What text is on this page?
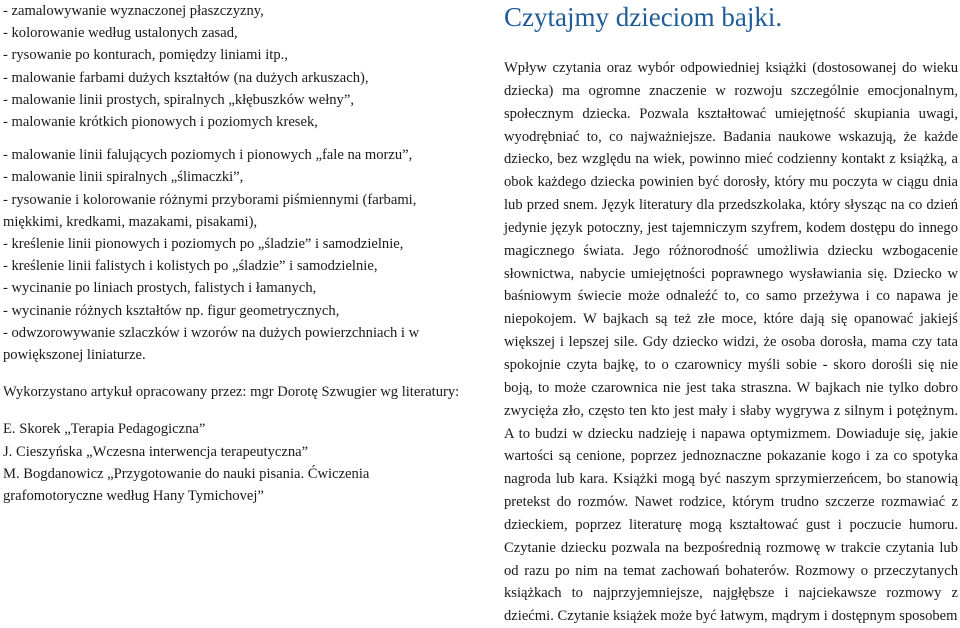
- zamalowywanie wyznaczonej płaszczyzny,

- kolorowanie według ustalonych zasad,

- rysowanie po konturach, pomiędzy liniami itp.,

- malowanie farbami dużych kształtów (na dużych arkuszach),

- malowanie linii prostych, spiralnych „kłębuszków wełny”,

- malowanie krótkich pionowych i poziomych kresek,

- malowanie linii falujących poziomych i pionowych „fale na morzu”,

- malowanie linii spiralnych „ślimaczki”,

- rysowanie i kolorowanie różnymi przyborami piśmiennymi (farbami, miękkimi, kredkami, mazakami, pisakami),

- kreślenie linii pionowych i poziomych po „śladzie” i samodzielnie,

- kreślenie linii falistych i kolistych po „śladzie” i samodzielnie,

- wycinanie po liniach prostych, falistych i łamanych,

- wycinanie różnych kształtów np. figur geometrycznych,

- odwzorowywanie szlaczków i wzorów na dużych powierzchniach i w powiększonej liniaturze.

Wykorzystano artykuł opracowany przez: mgr Dorotę Szwugier wg literatury:

E. Skorek „Terapia Pedagogiczna”

J. Cieszyńska „Wczesna interwencja terapeutyczna”

M. Bogdanowicz „Przygotowanie do nauki pisania. Ćwiczenia grafomotoryczne według Hany Tymichovej”

Czytajmy dzieciom bajki.

Wpływ czytania oraz wybór odpowiedniej książki (dostosowanej do wieku dziecka) ma ogromne znaczenie w rozwoju szczególnie emocjonalnym, społecznym dziecka. Pozwala kształtować umiejętność skupiania uwagi, wyodrębniać to, co najważniejsze. Badania naukowe wskazują, że każde dziecko, bez względu na wiek, powinno mieć codzienny kontakt z książką, a obok każdego dziecka powinien być dorosły, który mu poczyta w ciągu dnia lub przed snem. Język literatury dla przedszkolaka, który słysząc na co dzień jedynie język potoczny, jest tajemniczym szyfrem, kodem dostępu do innego magicznego świata. Jego różnorodność umożliwia dziecku wzbogacenie słownictwa, nabycie umiejętności poprawnego wysławiania się. Dziecko w baśniowym świecie może odnaleźć to, co samo przeżywa i co napawa je niepokojem. W bajkach są też złe moce, które dają się opanować jakiejś większej i lepszej sile. Gdy dziecko widzi, że osoba dorosła, mama czy tata spokojnie czyta bajkę, to o czarownicy myśli sobie - skoro dorośli się nie boją, to może czarownica nie jest taka straszna. W bajkach nie tylko dobro zwycięża zło, często ten kto jest mały i słaby wygrywa z silnym i potężnym. A to budzi w dziecku nadzieję i napawa optymizmem. Dowiaduje się, jakie wartości są cenione, poprzez jednoznaczne pokazanie kogo i za co spotyka nagroda lub kara. Książki mogą być naszym sprzymierzeńcem, bo stanowią pretekst do rozmów. Nawet rodzice, którym trudno szczerze rozmawiać z dzieckiem, poprzez literaturę mogą kształtować gust i poczucie humoru. Czytanie dziecku pozwala na bezpośrednią rozmowę w trakcie czytania lub od razu po nim na temat zachowań bohaterów. Rozmowy o przeczytanych książkach to najprzyjemniejsze, najgłębsze i najciekawsze rozmowy z dziećmi. Czytanie książek może być łatwym, mądrym i dostępnym sposobem
